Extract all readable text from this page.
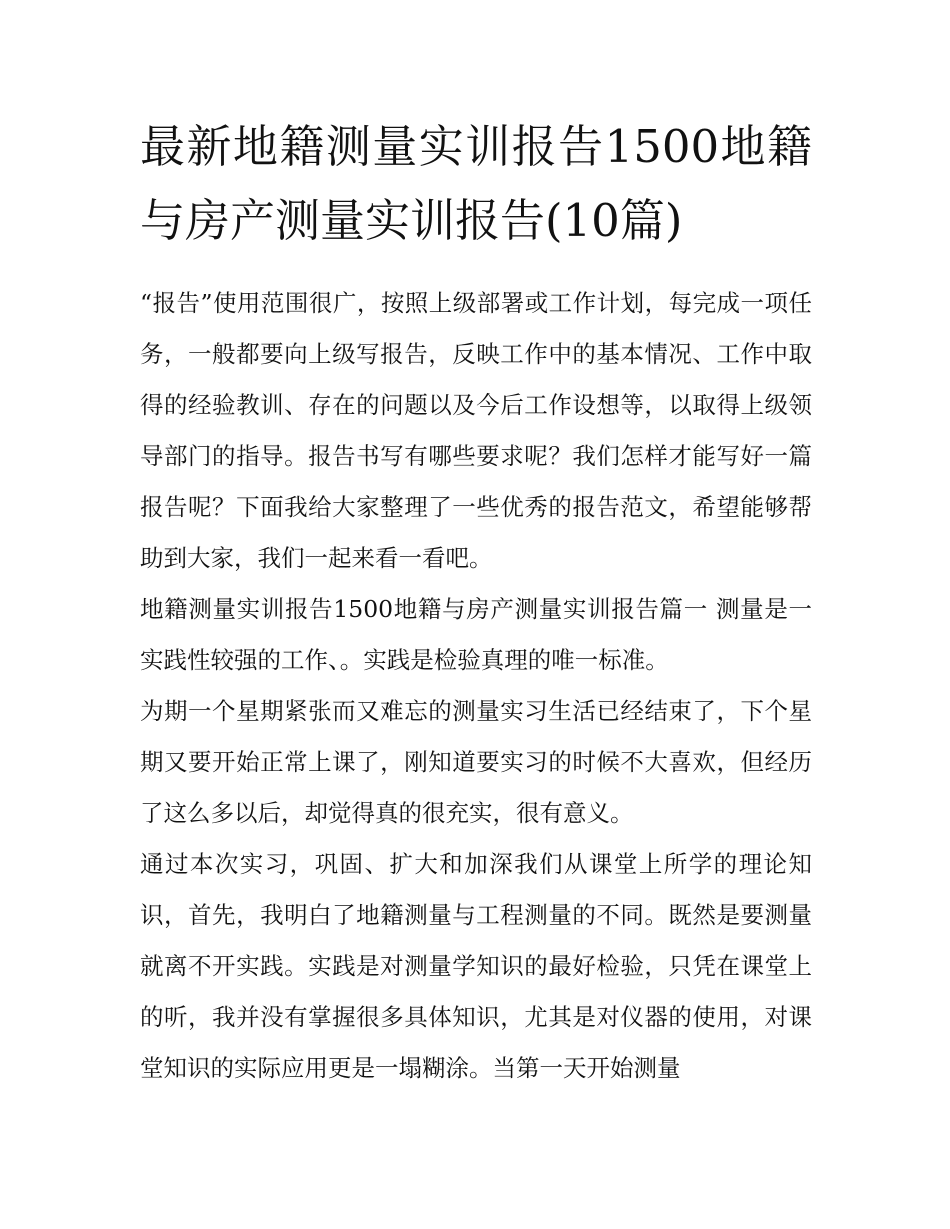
最新地籍测量实训报告1500地籍与房产测量实训报告(10篇)

“报告”使用范围很广，按照上级部署或工作计划，每完成一项任务，一般都要向上级写报告，反映工作中的基本情况、工作中取得的经验教训、存在的问题以及今后工作设想等，以取得上级领导部门的指导。报告书写有哪些要求呢？我们怎样才能写好一篇报告呢？下面我给大家整理了一些优秀的报告范文，希望能够帮助到大家，我们一起来看一看吧。

地籍测量实训报告1500地籍与房产测量实训报告篇一 测量是一实践性较强的工作、。实践是检验真理的唯一标准。

为期一个星期紧张而又难忘的测量实习生活已经结束了，下个星期又要开始正常上课了，刚知道要实习的时候不大喜欢，但经历了这么多以后，却觉得真的很充实，很有意义。

通过本次实习，巩固、扩大和加深我们从课堂上所学的理论知识，首先，我明白了地籍测量与工程测量的不同。既然是要测量就离不开实践。实践是对测量学知识的最好检验，只凭在课堂上的听，我并没有掌握很多具体知识，尤其是对仪器的使用，对课堂知识的实际应用更是一塌糊涂。当第一天开始测量
